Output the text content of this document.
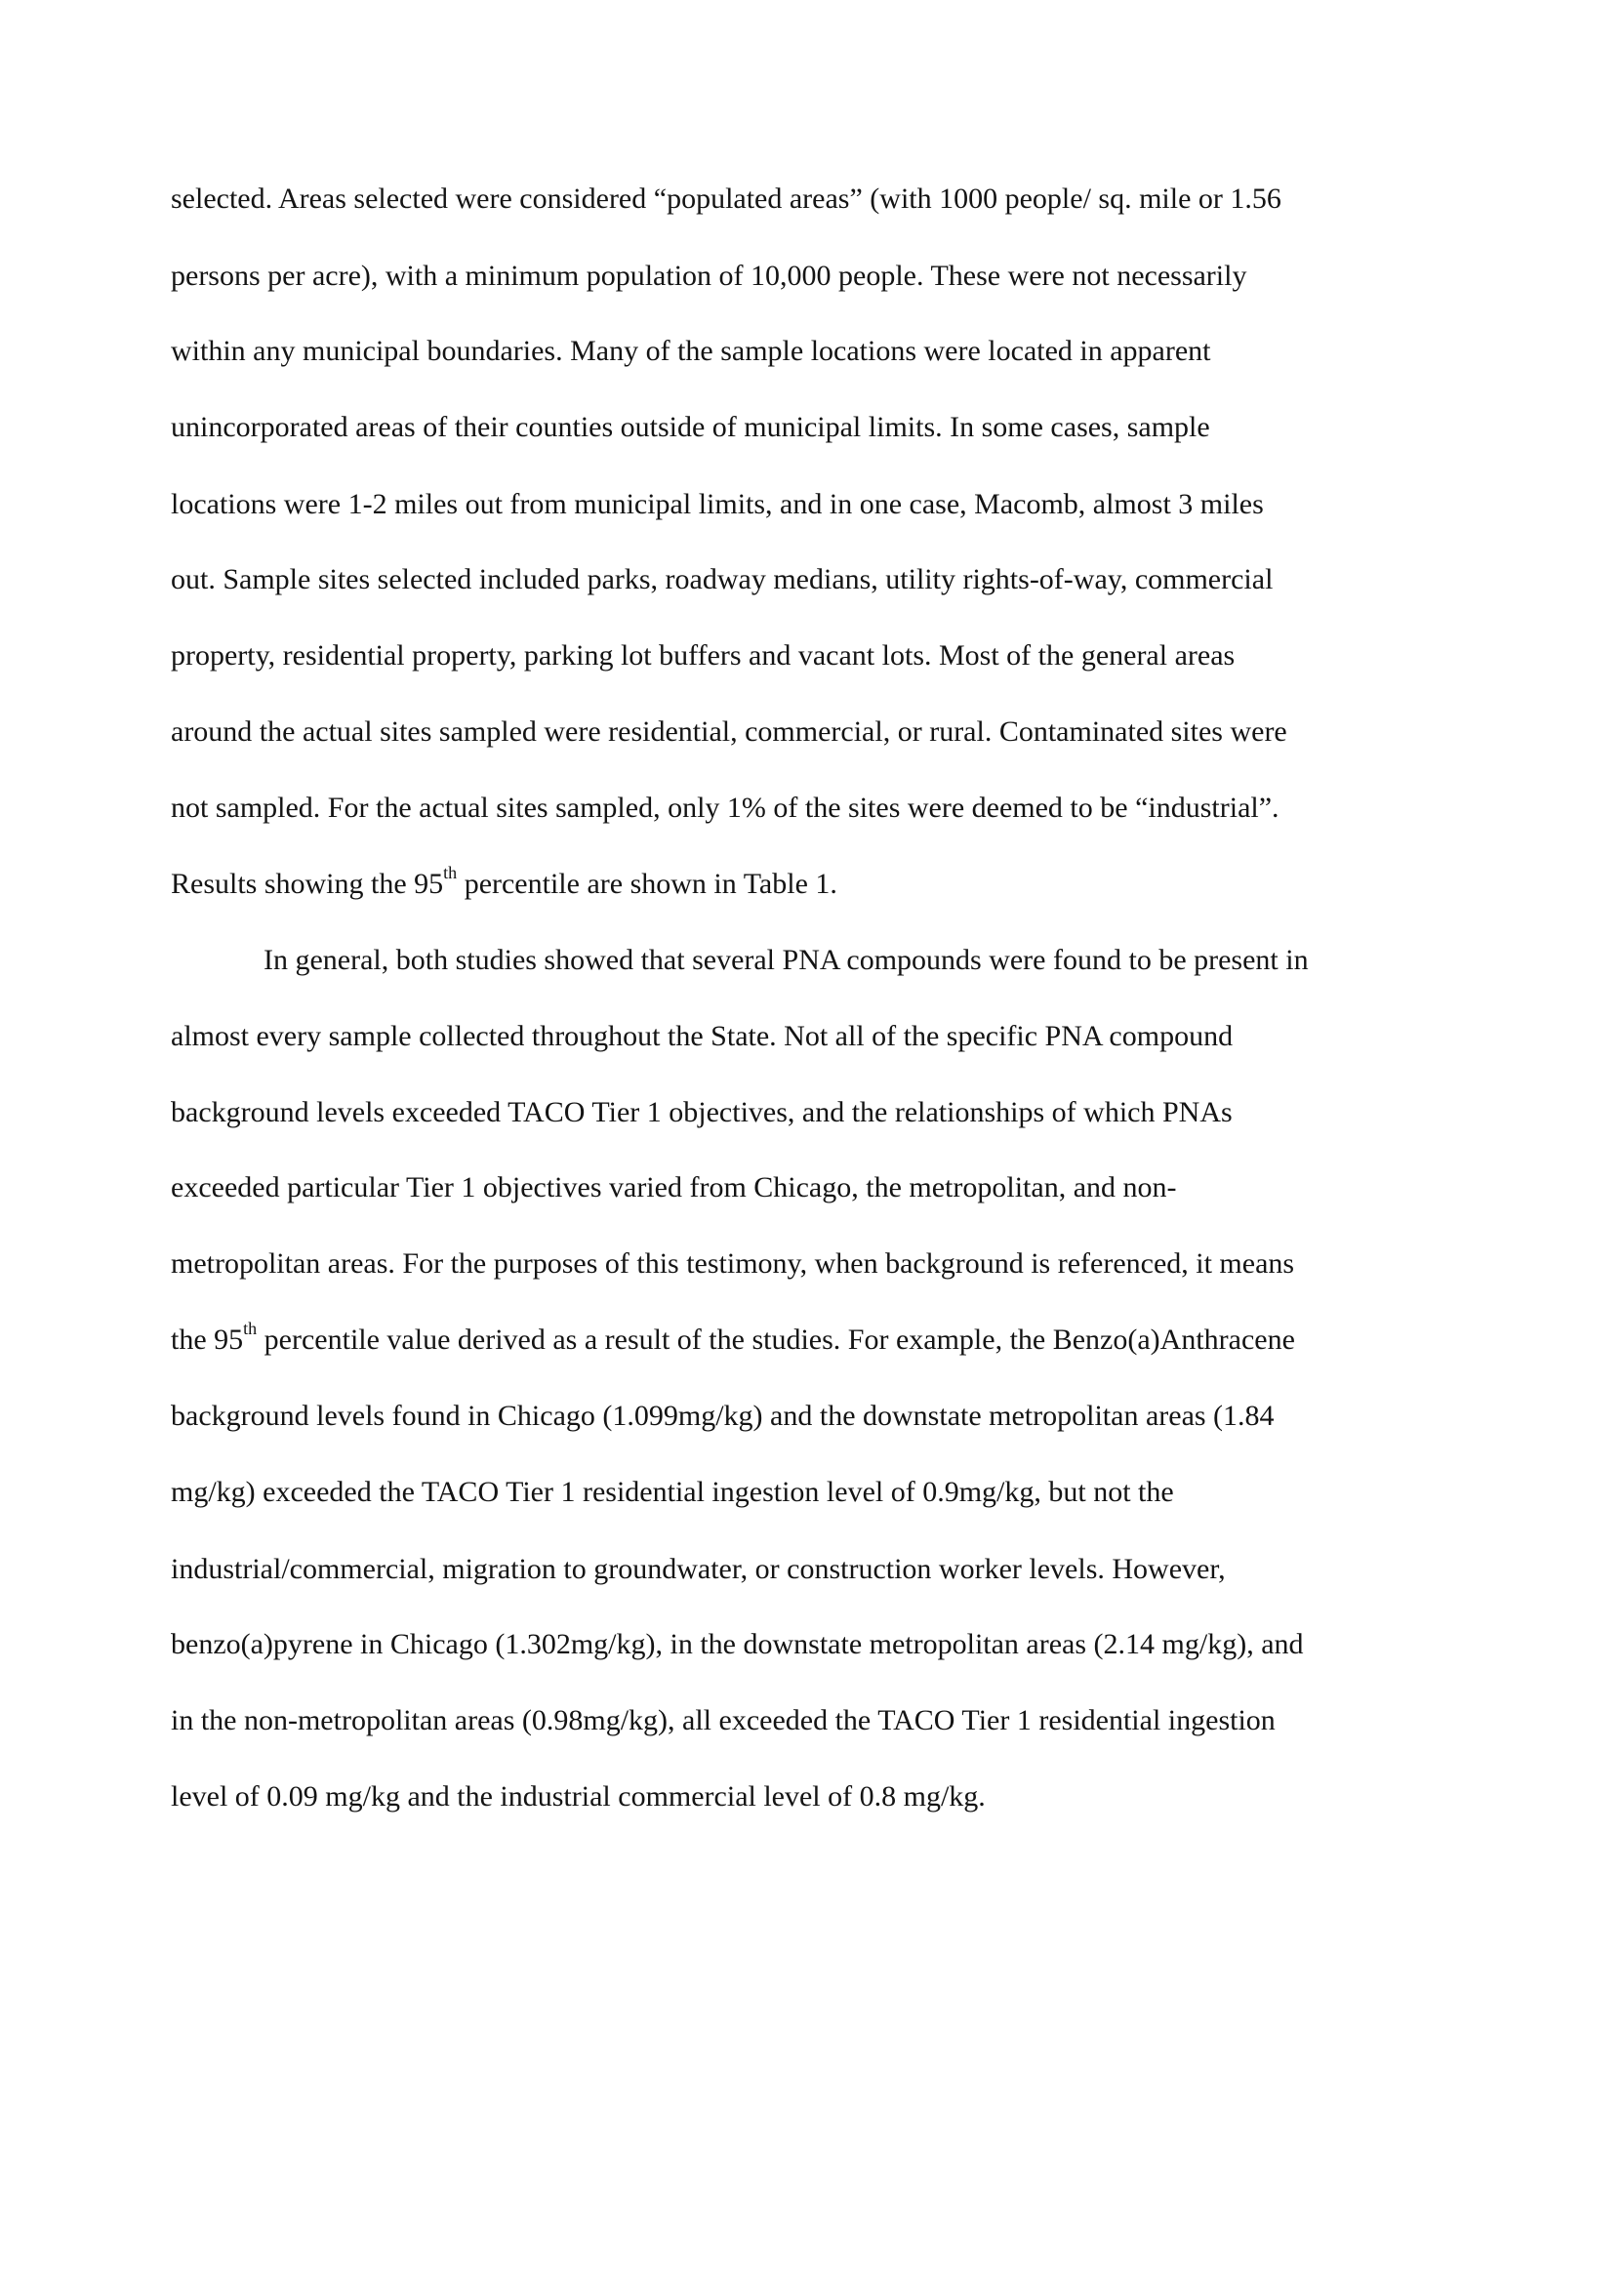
selected. Areas selected were considered “populated areas” (with 1000 people/ sq. mile or 1.56
persons per acre), with a minimum population of 10,000 people. These were not necessarily
within any municipal boundaries. Many of the sample locations were located in apparent
unincorporated areas of their counties outside of municipal limits. In some cases, sample
locations were 1-2 miles out from municipal limits, and in one case, Macomb, almost 3 miles
out. Sample sites selected included parks, roadway medians, utility rights-of-way, commercial
property, residential property, parking lot buffers and vacant lots. Most of the general areas
around the actual sites sampled were residential, commercial, or rural. Contaminated sites were
not sampled. For the actual sites sampled, only 1% of the sites were deemed to be “industrial”.
Results showing the 95th percentile are shown in Table 1.
In general, both studies showed that several PNA compounds were found to be present in
almost every sample collected throughout the State. Not all of the specific PNA compound
background levels exceeded TACO Tier 1 objectives, and the relationships of which PNAs
exceeded particular Tier 1 objectives varied from Chicago, the metropolitan, and non-
metropolitan areas. For the purposes of this testimony, when background is referenced, it means
the 95th percentile value derived as a result of the studies. For example, the Benzo(a)Anthracene
background levels found in Chicago (1.099mg/kg) and the downstate metropolitan areas (1.84
mg/kg) exceeded the TACO Tier 1 residential ingestion level of 0.9mg/kg, but not the
industrial/commercial, migration to groundwater, or construction worker levels. However,
benzo(a)pyrene in Chicago (1.302mg/kg), in the downstate metropolitan areas (2.14 mg/kg), and
in the non-metropolitan areas (0.98mg/kg), all exceeded the TACO Tier 1 residential ingestion
level of 0.09 mg/kg and the industrial commercial level of 0.8 mg/kg.
